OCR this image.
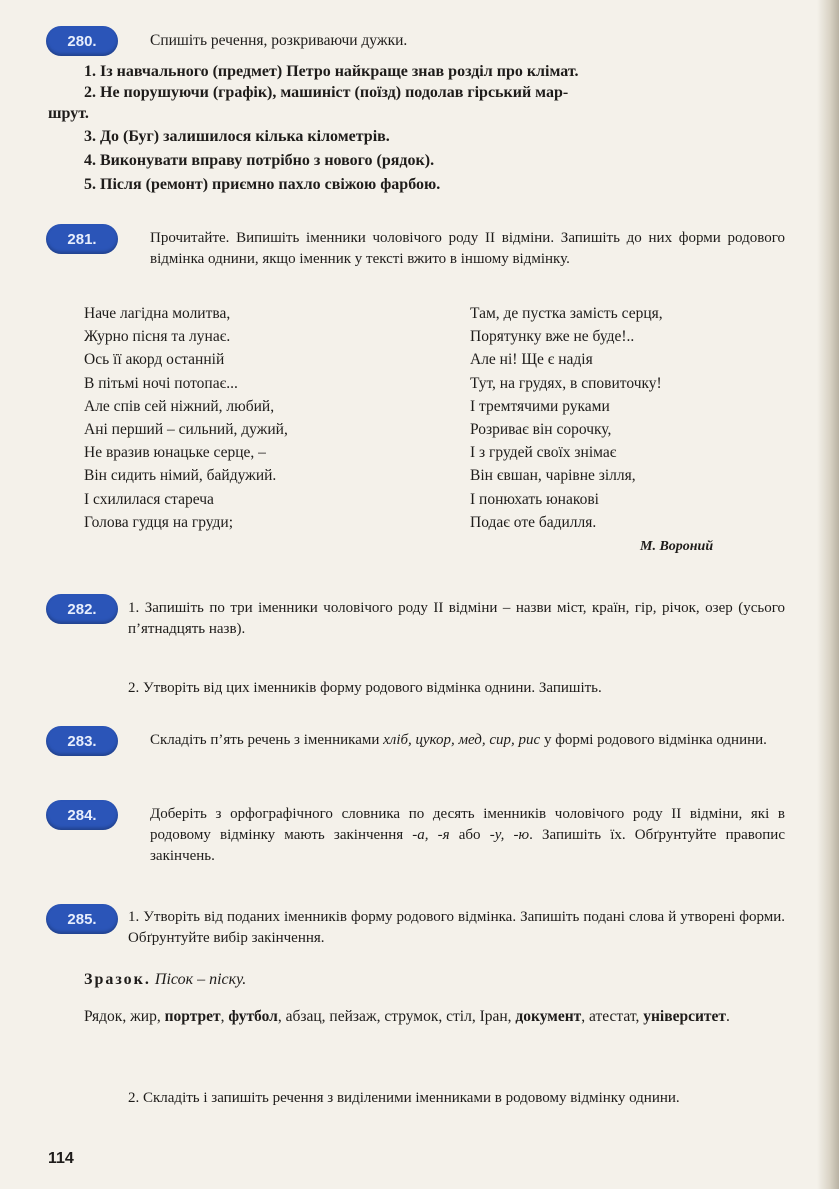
280.	Спишіть речення, розкриваючи дужки.
1. Із навчального (предмет) Петро найкраще знав розділ про клімат.
2. Не порушуючи (графік), машиніст (поїзд) подолав гірський мар-
шрут.
3. До (Буг) залишилося кілька кілометрів.
4. Виконувати вправу потрібно з нового (рядок).
5. Після (ремонт) приємно пахло свіжою фарбою.
281.	Прочитайте. Випишіть іменники чоловічого роду ІІ відміни. Запишіть до них форми родового відмінка однини, якщо іменник у тексті вжито в іншому відмінку.
Наче лагідна молитва,
Журно пісня та лунає.
Ось її акорд останній
В пітьмі ночі потопає...
Але спів сей ніжний, любий,
Ані перший – сильний, дужий,
Не вразив юнацьке серце, –
Він сидить німий, байдужий.
І схилилася стареча
Голова гудця на груди;
Там, де пустка замість серця,
Порятунку вже не буде!..
Але ні! Ще є надія
Тут, на грудях, в сповиточку!
І тремтячими руками
Розриває він сорочку,
І з грудей своїх знімає
Він євшан, чарівне зілля,
І понюхать юнакові
Подає оте бадилля.
М. Вороний
282.	1. Запишіть по три іменники чоловічого роду ІІ відміни – назви міст, країн, гір, річок, озер (усього п’ятнадцять назв).
2. Утворіть від цих іменників форму родового відмінка однини. Запишіть.
283.	Складіть п’ять речень з іменниками хліб, цукор, мед, сир, рис у формі родового відмінка однини.
284.	Доберіть з орфографічного словника по десять іменників чоловічого роду ІІ відміни, які в родовому відмінку мають закінчення -а, -я або -у, -ю. Запишіть їх. Обґрунтуйте правопис закінчень.
285.	1. Утворіть від поданих іменників форму родового відмінка. Запишіть подані слова й утворені форми. Обґрунтуйте вибір закінчення.
Зразок. Пісок – піску.
Рядок, жир, портрет, футбол, абзац, пейзаж, струмок, стіл, Іран, документ, атестат, університет.
2. Складіть і запишіть речення з виділеними іменниками в родовому відмінку однини.
114
